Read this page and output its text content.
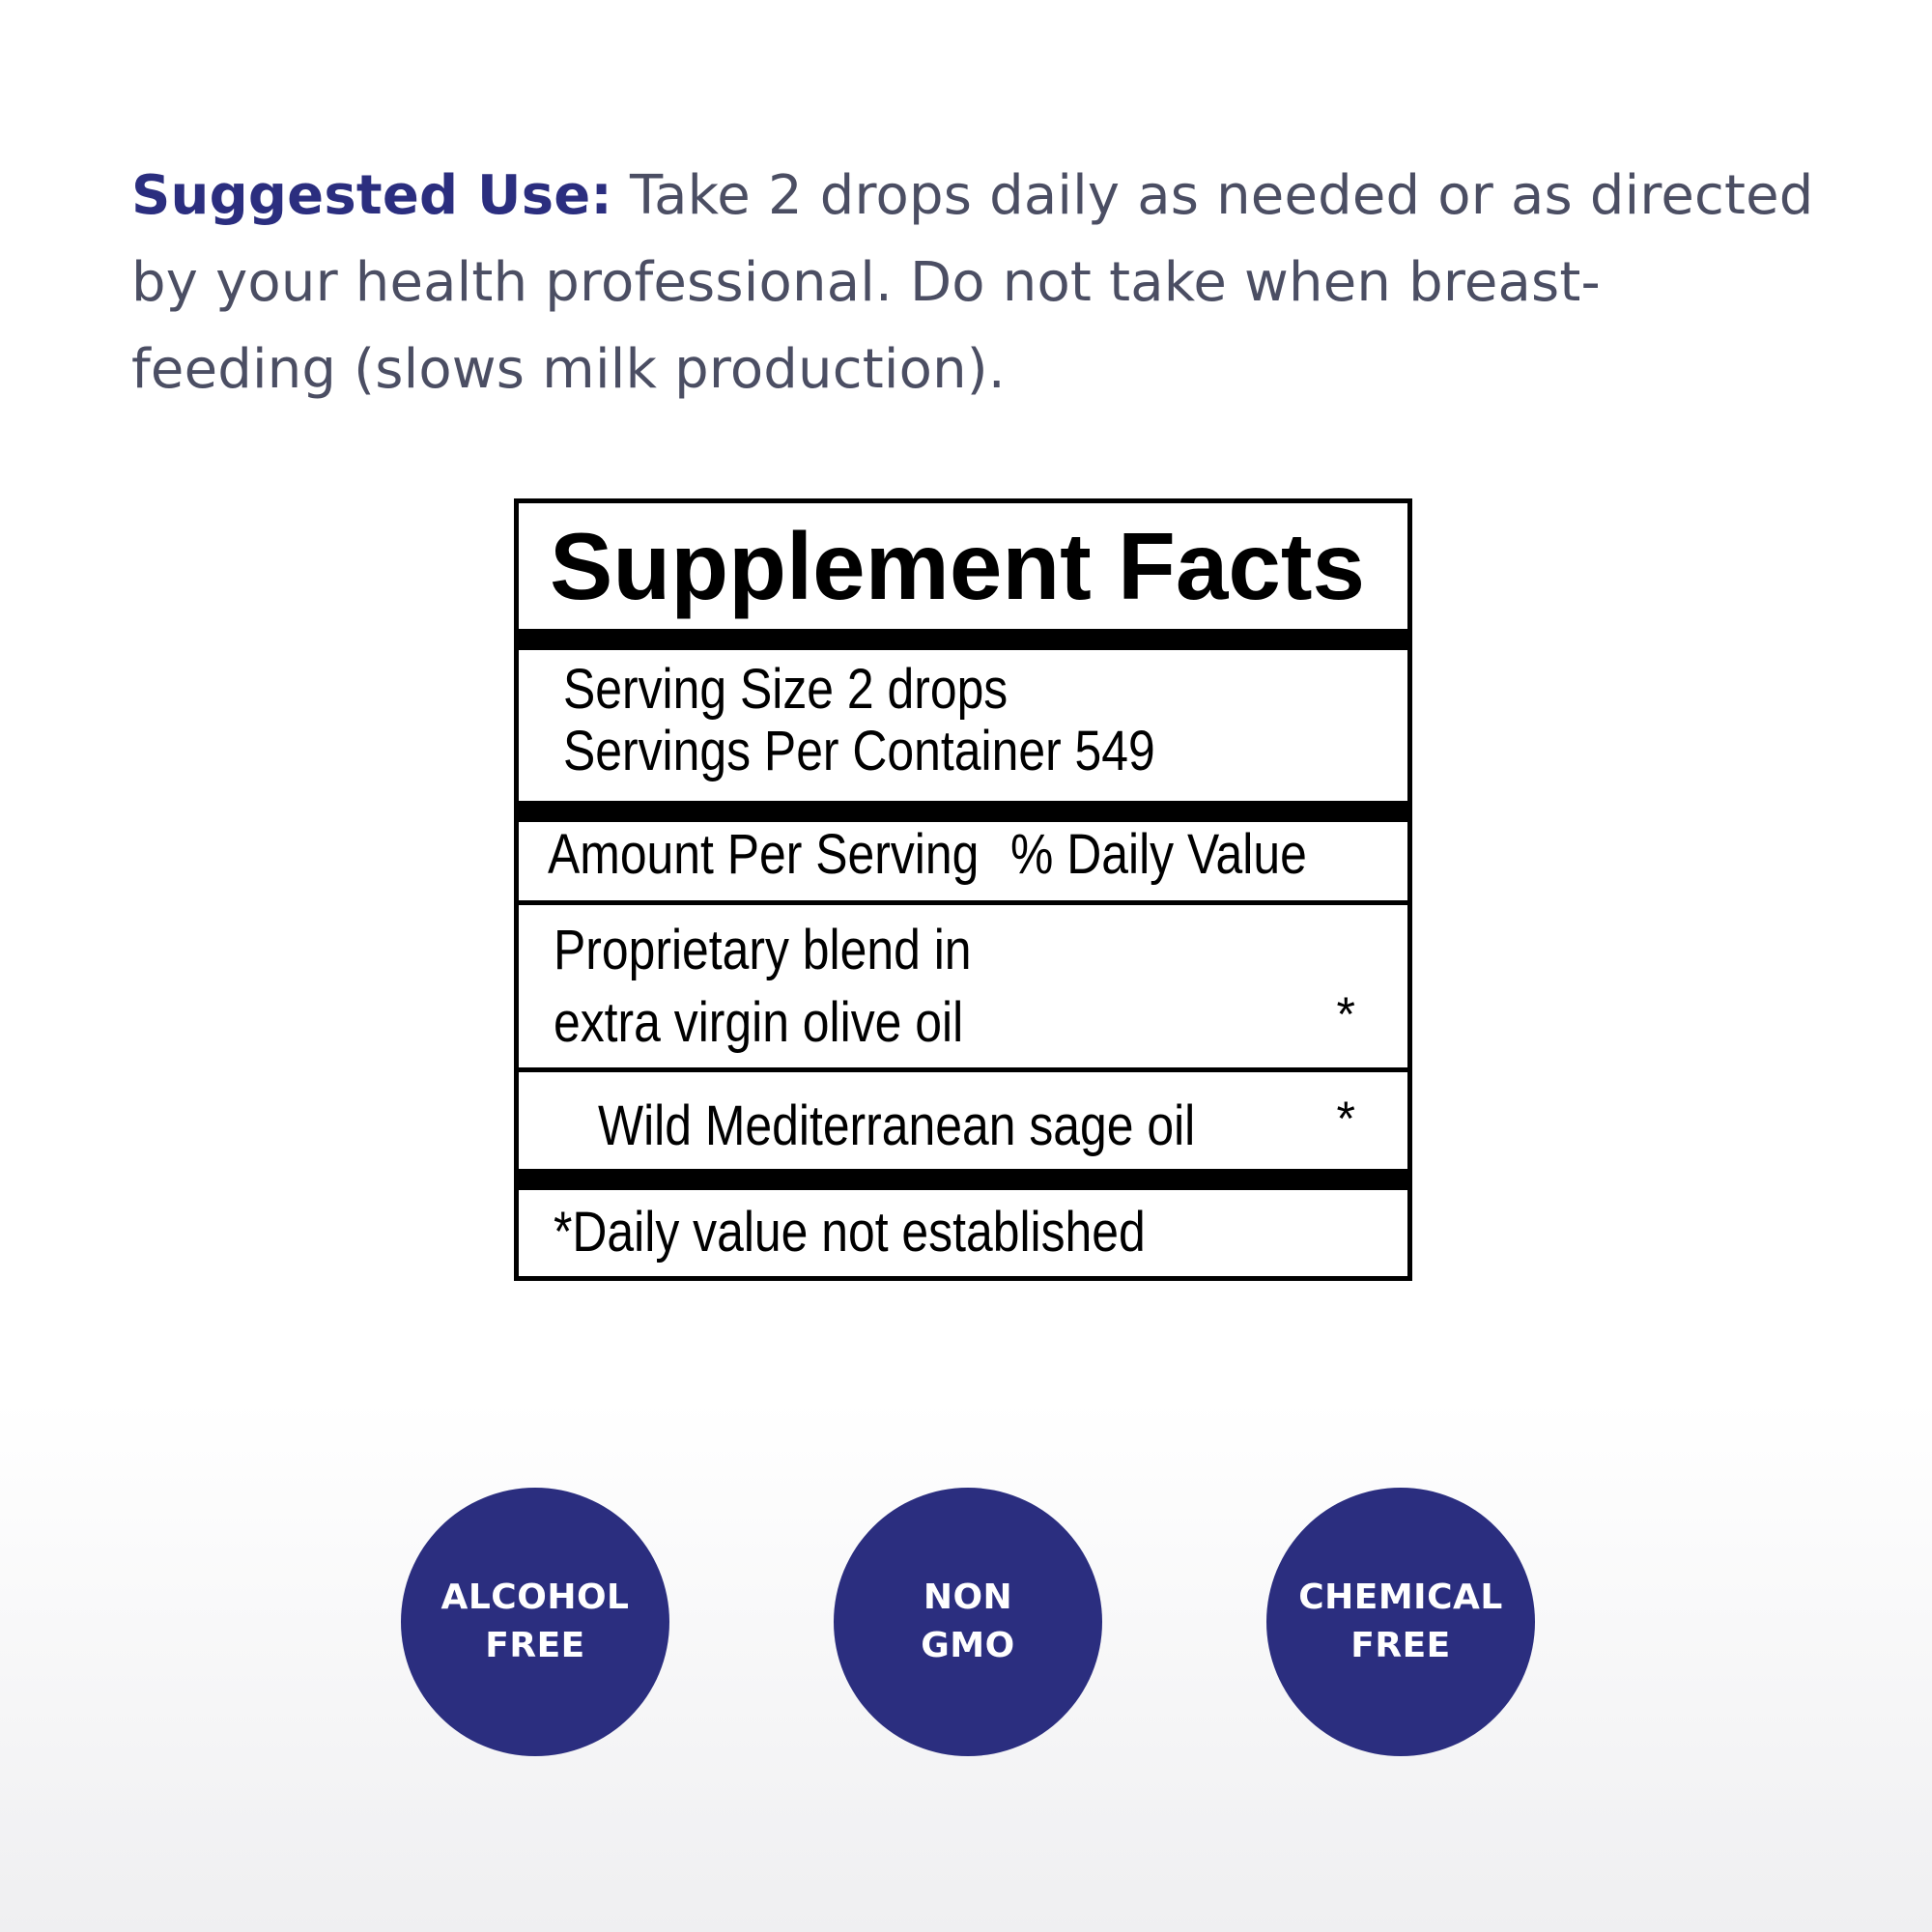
Suggested Use: Take 2 drops daily as needed or as directed
by your health professional. Do not take when breast-
feeding (slows milk production).
Supplement Facts
Serving Size 2 drops
Servings Per Container 549
Amount Per Serving % Daily Value
Proprietary blend in
extra virgin olive oil	*
Wild Mediterranean sage oil	*
*Daily value not established
ALCOHOL
FREE
NON
GMO
CHEMICAL
FREE
